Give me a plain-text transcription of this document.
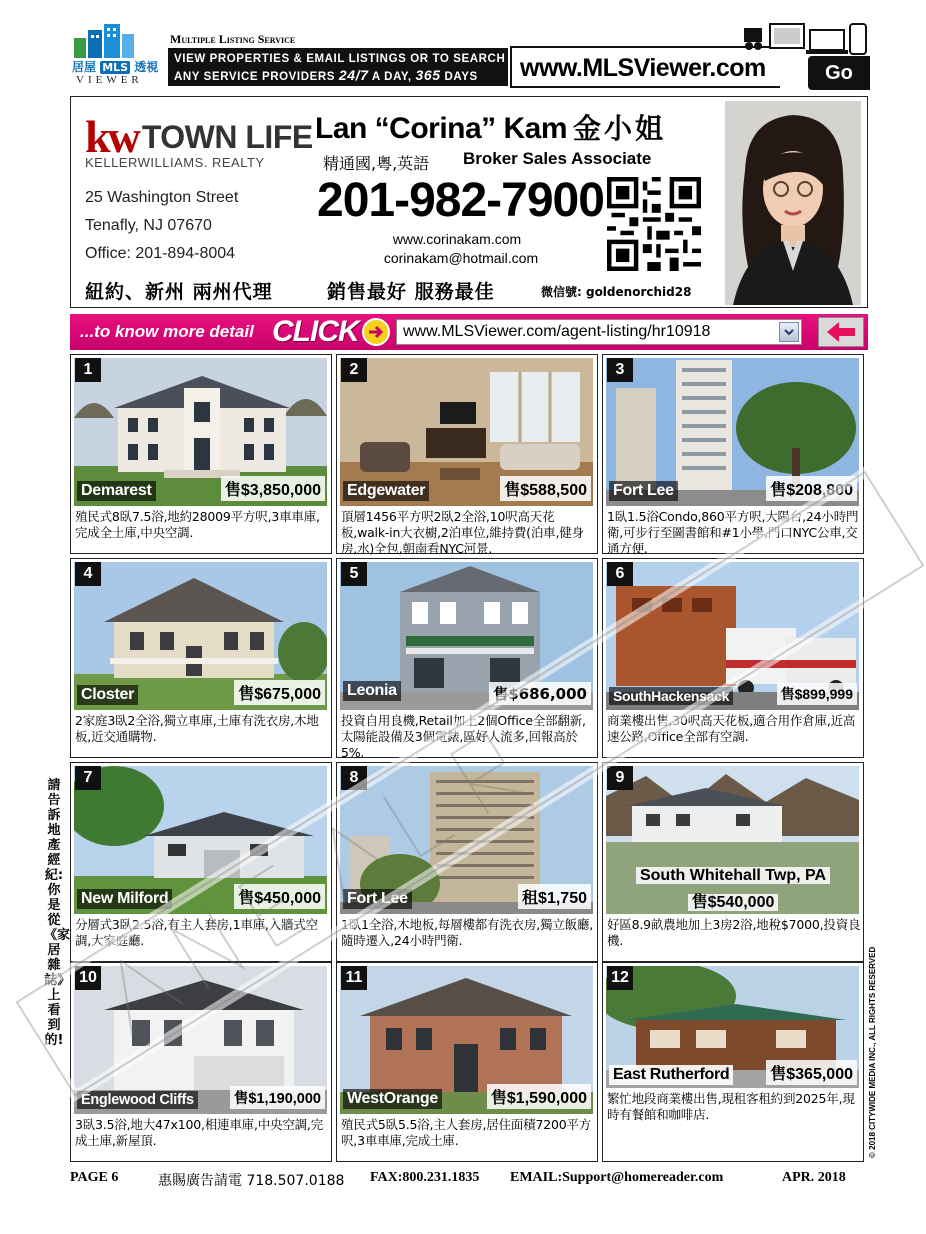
居屋 MLS 透視
VIEWER
Multiple Listing Service
VIEW PROPERTIES & EMAIL LISTINGS OR TO SEARCH
ANY SERVICE PROVIDERS 24/7 A DAY, 365 DAYS	www.MLSViewer.com	Go
kw TOWN LIFE
KELLERWILLIAMS. REALTY
25 Washington Street
Tenafly, NJ 07670
Office: 201-894-8004
Lan “Corina” Kam 金小姐
精通國,粵,英語 Broker Sales Associate
201-982-7900
www.corinakam.com
corinakam@hotmail.com
紐約、新州 兩州代理	銷售最好 服務最佳	微信號: goldenorchid28
...to know more detail CLICK	www.MLSViewer.com/agent-listing/hr10918
1
Demarest	售$3,850,000
殖民式8臥7.5浴,地約28009平方呎,3車車庫,完成全土庫,中央空調.
2
Edgewater	售$588,500
頂層1456平方呎2臥2全浴,10呎高天花板,walk-in大衣櫥,2泊車位,維持費(泊車,健身房,水)全包,朝南看NYC河景.
3
Fort Lee	售$208,800
1臥1.5浴Condo,860平方呎,大陽台,24小時門衛,可步行至圖書館和#1小學,門口NYC公車,交通方便.
4
Closter	售$675,000
2家庭3臥2全浴,獨立車庫,土庫有洗衣房,木地板,近交通購物.
5
Leonia	售$686,000
投資自用良機,Retail加上2個Office全部翻新,太陽能設備及3個電錶,區好人流多,回報高於5%.
6
SouthHackensack	售$899,999
商業樓出售,30呎高天花板,適合用作倉庫,近高速公路,Office全部有空調.
7
New Milford	售$450,000
分層式3臥2.5浴,有主人套房,1車庫,入牆式空調,大家庭廳.
8
Fort Lee	租$1,750
1臥1全浴,木地板,每層樓都有洗衣房,獨立飯廳,隨時遷入,24小時門衛.
9
South Whitehall Twp, PA
售$540,000
好區8.9畝農地加上3房2浴,地稅$7000,投資良機.
10
Englewood Cliffs	售$1,190,000
3臥3.5浴,地大47x100,相連車庫,中央空調,完成土庫,新屋頂.
11
WestOrange	售$1,590,000
殖民式5臥5.5浴,主人套房,居住面積7200平方呎,3車車庫,完成土庫.
12
East Rutherford	售$365,000
繁忙地段商業樓出售,現租客租約到2025年,現時有餐館和咖啡店.
請告訴地產經紀:你是從《家居雜誌》上看到的!	© 2018 CITYWIDE MEDIA INC., ALL RIGHTS RESERVED
PAGE 6	惠賜廣告請電 718.507.0188 FAX:800.231.1835 EMAIL:Support@homereader.com	APR. 2018
